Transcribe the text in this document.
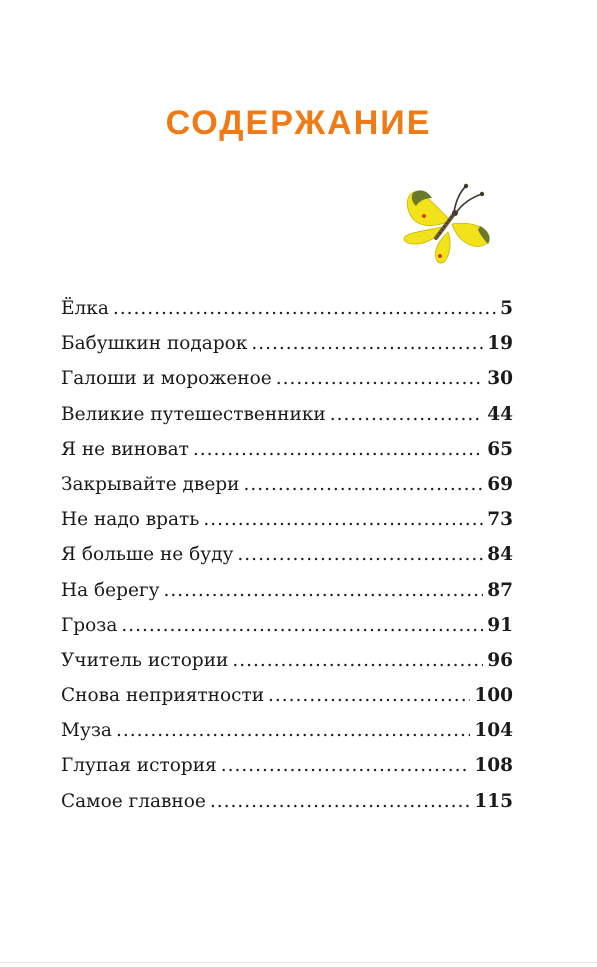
СОДЕРЖАНИЕ
Ёлка .....	5
Бабушкин подарок .....	19
Галоши и мороженое .....	30
Великие путешественники .....	44
Я не виноват .....	65
Закрывайте двери .....	69
Не надо врать .....	73
Я больше не буду .....	84
На берегу .....	87
Гроза .....	91
Учитель истории .....	96
Снова неприятности .....	100
Муза .....	104
Глупая история .....	108
Самое главное .....	115
